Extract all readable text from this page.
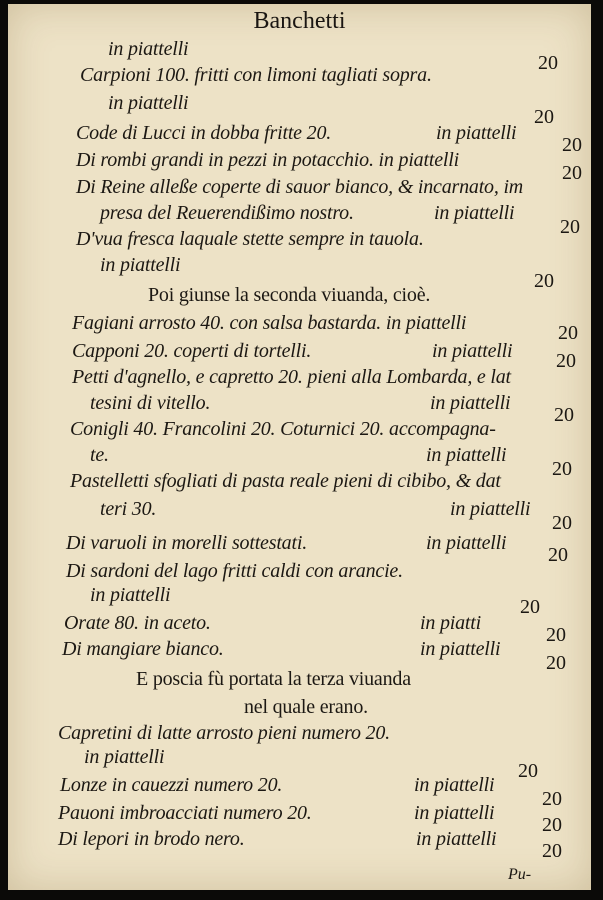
Banchetti
in piattelli
Carpioni 100. fritti con limoni tagliati sopra.
in piattelli
Code di Lucci in dobba fritte 20.
Di rombi grandi in pezzi in potacchio. in piattelli
Di Reine alleße coperte di sauor bianco, & incarnato, im
presa del Reuerendißimo nostro.
D'vua fresca laquale stette sempre in tauola.
in piattelli
Poi giunse la seconda viuanda, cioè.
Fagiani arrosto 40. con salsa bastarda. in piattelli
Capponi 20. coperti di tortelli.
Petti d'agnello, e capretto 20. pieni alla Lombarda, e lat
tesini di vitello.
Conigli 40. Francolini 20. Coturnici 20. accompagna-
te.
Pastelletti sfogliati di pasta reale pieni di cibibo, & dat
teri 30.
Di varuoli in morelli sottestati.
Di sardoni del lago fritti caldi con arancie.
in piattelli
Orate 80. in aceto.
Di mangiare bianco.
E poscia fù portata la terza viuanda
nel quale erano.
Capretini di latte arrosto pieni numero 20.
in piattelli
Lonze in cauezzi numero 20.
Pauoni imbroacciati numero 20.
Di lepori in brodo nero.
in piattelli
in piattelli
in piattelli
in piattelli
in piattelli
in piattelli
in piattelli
in piatti
in piattelli
in piattelli
in piattelli
in piattelli
20
20
20
20
20
20
20
20
20
20
20
20
20
20
20
20
20
20
20
Pu-
